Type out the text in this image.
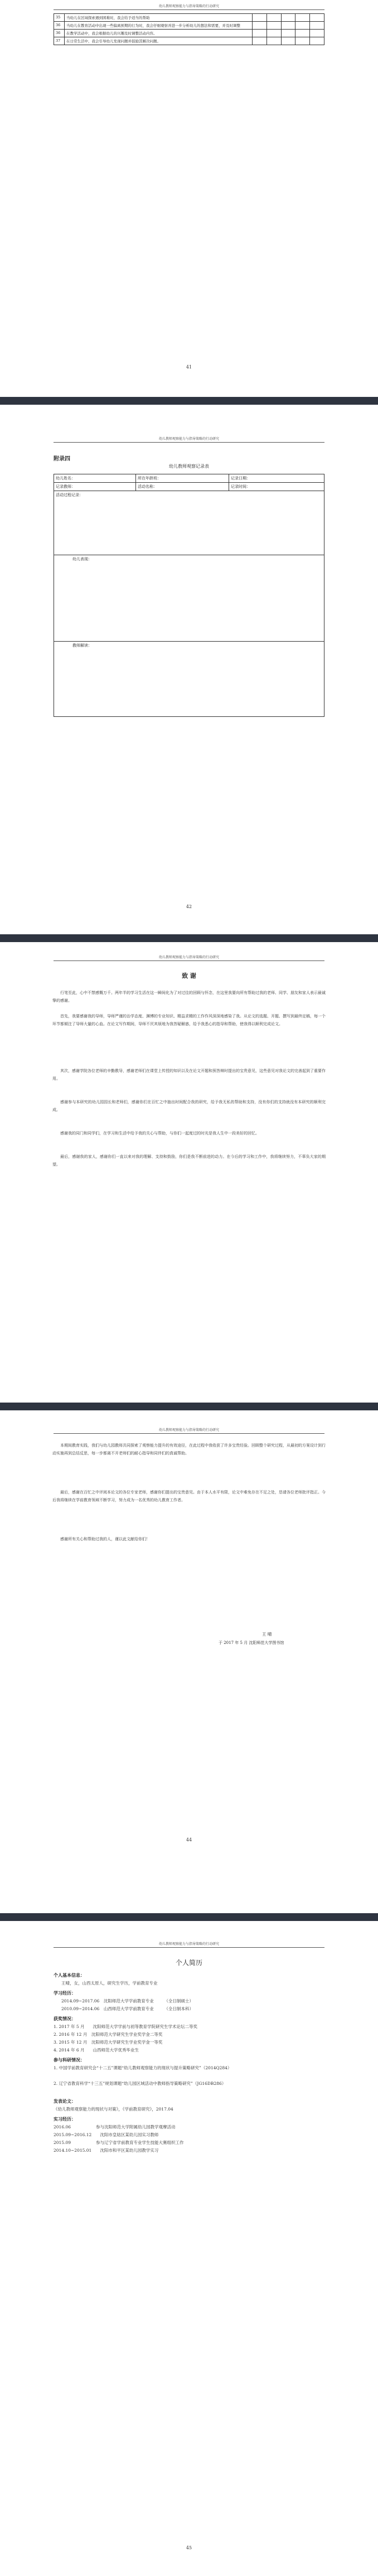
幼儿教师观察能力与指导策略的行动研究
35	当幼儿在区域探索遇到困难时，我会给予适当的帮助					
36	当幼儿在教育活动中出现一些偏离预期的行为时，我会仔细观察并进一步分析幼儿的想法和需要，并及时调整					
36	在教学活动中，我会根据幼儿的兴趣及时调整活动内容。					
37	在日常生活中，我会引导幼儿发现问题并鼓励其解决问题。					
41
幼儿教师观察能力与指导策略的行动研究
附录四
幼儿教师观察记录表
幼儿姓名：	所在年龄班：	记录日期：
记录教师：	活动名称：	记录时间：
活动过程记录：		
幼儿表现：		
教师解读：		
42
幼儿教师观察能力与指导策略的行动研究
致 谢
行笔至此，心中不禁感慨万千。两年半的学习生活在这一瞬间化为了对过往的回顾与怀念，在这里我要向所有帮助过我的老师、同学、朋友和家人表示最诚挚的感谢。
首先，我要感谢我的导师，导师严谨的治学态度、渊博的专业知识、精益求精的工作作风深深地感染了我。从论文的选题、开题、撰写到最终定稿，每一个环节都倾注了导师大量的心血。在论文写作期间，导师不厌其烦地为我答疑解惑，给予我悉心的指导和帮助，使我得以顺利完成论文。
其次，感谢学院各位老师的辛勤教导，感谢老师们在课堂上传授的知识以及在论文开题和预答辩时提出的宝贵意见，这些意见对我论文的完善起到了重要作用。
感谢参与本研究的幼儿园园长和老师们，感谢你们在百忙之中抽出时间配合我的研究，给予我无私的帮助和支持，没有你们的支持就没有本研究的顺利完成。
感谢我的同门和同学们，在学习和生活中给予我的关心与帮助，与你们一起度过的时光是我人生中一段美好的回忆。
最后，感谢我的家人，感谢你们一直以来对我的理解、支持和鼓励，你们是我不断前进的动力。在今后的学习和工作中，我将继续努力，不辜负大家的期望。
幼儿教师观察能力与指导策略的行动研究
本期间教育实践，我们与幼儿园教师共同探索了观察能力提升的有效途径，在此过程中我收获了许多宝贵经验。回顾整个研究过程，从最初的方案设计到行动实施再到总结反思，每一步都离不开老师们的耐心指导和同伴们的真诚帮助。
最后，感谢在百忙之中评阅本论文的各位专家老师，感谢你们提出的宝贵意见。由于本人水平有限，论文中难免存在不足之处，恳请各位老师批评指正。今后我将继续在学前教育领域不断学习，努力成为一名优秀的幼儿教育工作者。
感谢所有关心和帮助过我的人，谨以此文献给你们！
王 晴
于 2017 年 5 月 沈阳师范大学图书馆
44
幼儿教师观察能力与指导策略的行动研究
个人简历
个人基本信息：
王晴，女，山西太原人，研究生学历，学前教育专业
学习经历：
2014.09~2017.06　沈阳师范大学学前教育专业　　　（全日制硕士）
2010.09~2014.06　山西师范大学学前教育专业　　　（全日制本科）
获奖情况：
1. 2017 年 5 月　　沈阳师范大学学前与初等教育学院研究生学术论坛二等奖
2. 2016 年 12 月　沈阳师范大学研究生学业奖学金二等奖
3. 2015 年 12 月　沈阳师范大学研究生学业奖学金一等奖
4. 2014 年 6 月　　山西师范大学优秀毕业生
参与科研情况：
1. 中国学前教育研究会“十二五”课题“幼儿教师观察能力的现状与提升策略研究”（2014Q284）
2. 辽宁省教育科学“十三五”规划课题“幼儿园区域活动中教师指导策略研究”（JG16DB286）
发表论文：
《幼儿教师观察能力的现状与对策》，《学前教育研究》，2017.04
实习经历：
2016.06　　　　　　参与沈阳师范大学附属幼儿园教学观摩活动
2015.09~2016.12　　沈阳市皇姑区某幼儿园实习教师
2015.09　　　　　　参与辽宁省学前教育专业学生技能大赛组织工作
2014.10~2015.01　　沈阳市和平区某幼儿园教学实习
45
